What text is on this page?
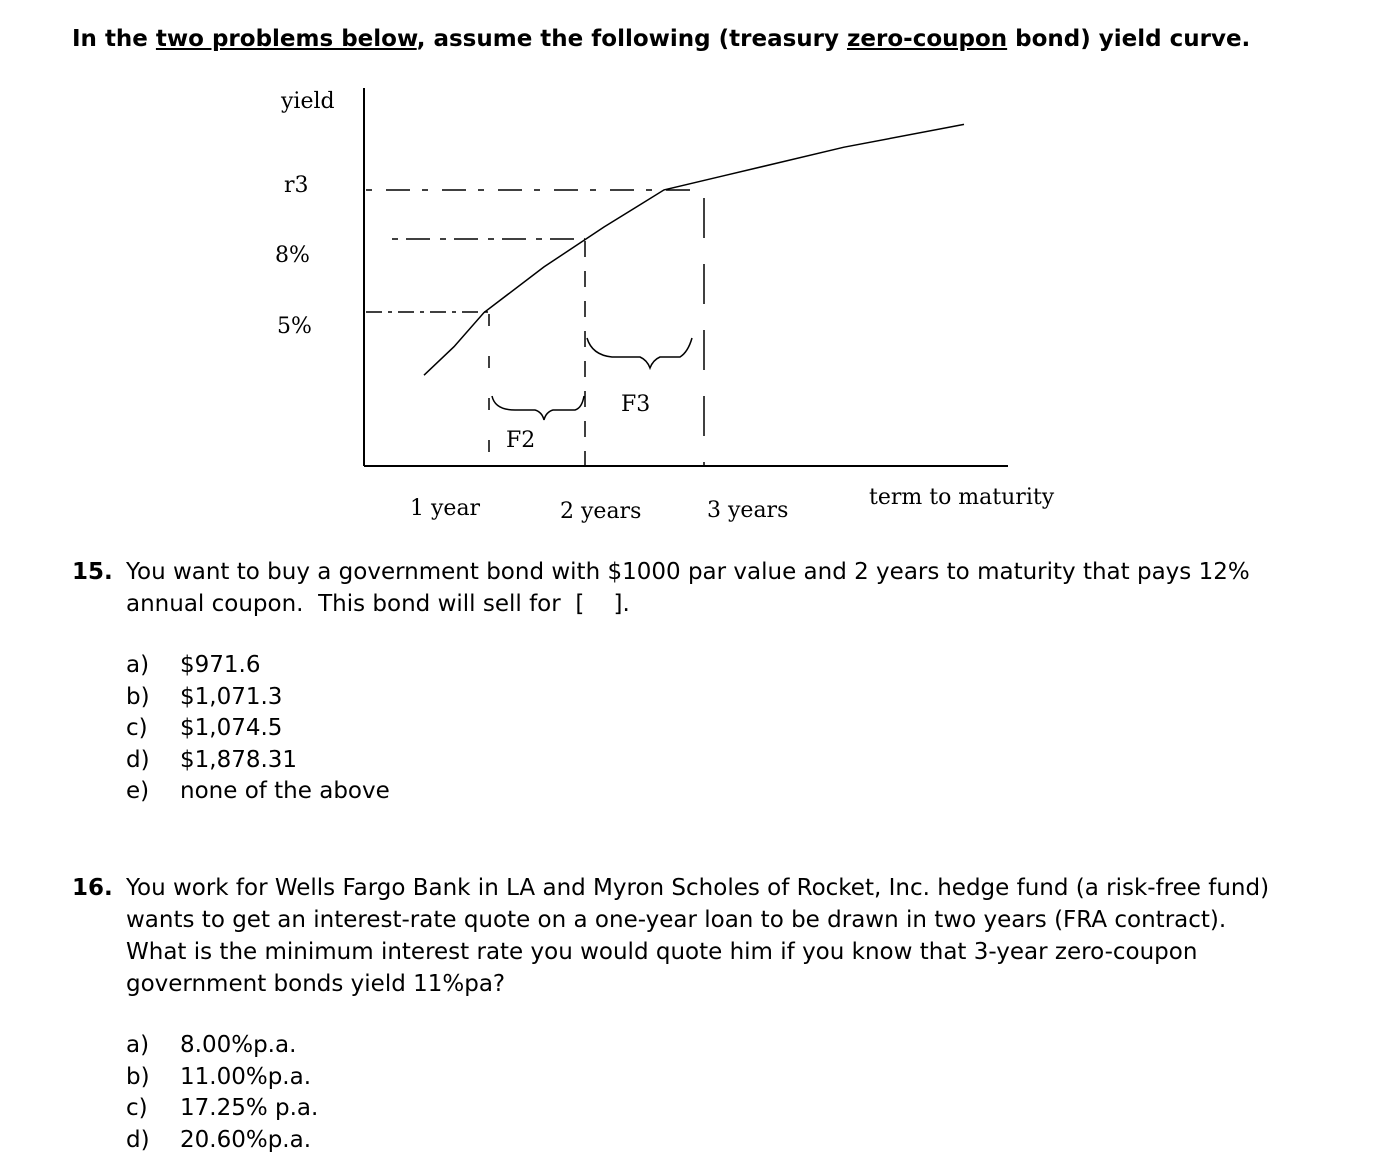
In the two problems below, assume the following (treasury zero-coupon bond) yield curve.
yield
term to maturity
r3
8%
5%
1 year	2 years	3 years
F2
F3
15. You want to buy a government bond with $1000 par value and 2 years to maturity that pays 12% annual coupon.  This bond will sell for  [    ].
a)	$971.6
b)	$1,071.3
c)	$1,074.5
d)	$1,878.31
e)	none of the above
16. You work for Wells Fargo Bank in LA and Myron Scholes of Rocket, Inc. hedge fund (a risk-free fund) wants to get an interest-rate quote on a one-year loan to be drawn in two years (FRA contract).  What is the minimum interest rate you would quote him if you know that 3-year zero-coupon government bonds yield 11%pa?
a)	8.00%p.a.
b)	11.00%p.a.
c)	17.25% p.a.
d)	20.60%p.a.
